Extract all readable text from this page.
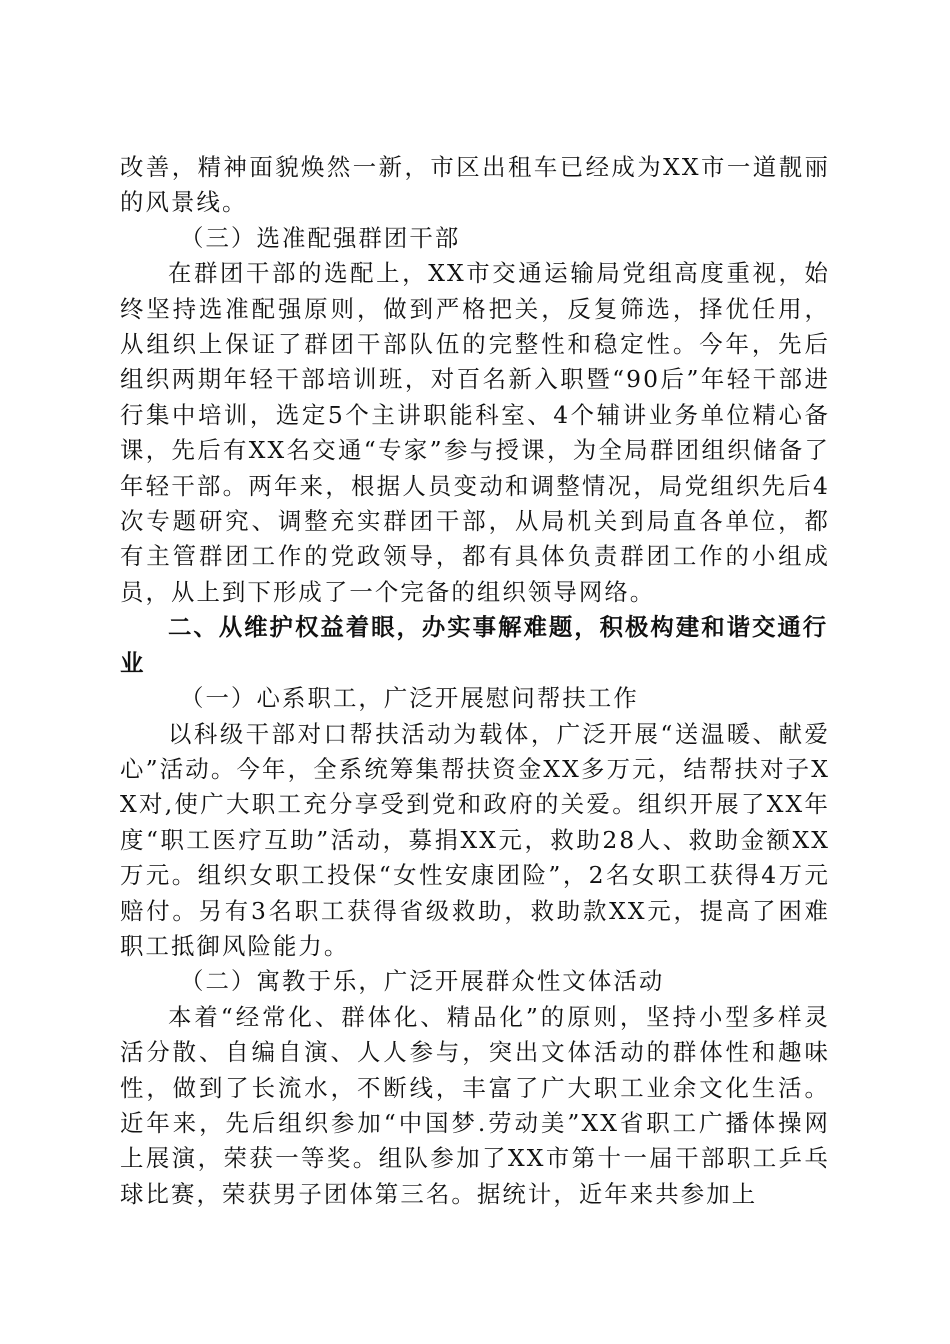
改善，精神面貌焕然一新，市区出租车已经成为XX市一道靓丽的风景线。

（三）选准配强群团干部

在群团干部的选配上，XX市交通运输局党组高度重视，始终坚持选准配强原则，做到严格把关，反复筛选，择优任用，从组织上保证了群团干部队伍的完整性和稳定性。今年，先后组织两期年轻干部培训班，对百名新入职暨“90后”年轻干部进行集中培训，选定5个主讲职能科室、4个辅讲业务单位精心备课，先后有XX名交通“专家”参与授课，为全局群团组织储备了年轻干部。两年来，根据人员变动和调整情况，局党组织先后4次专题研究、调整充实群团干部，从局机关到局直各单位，都有主管群团工作的党政领导，都有具体负责群团工作的小组成员，从上到下形成了一个完备的组织领导网络。

二、从维护权益着眼，办实事解难题，积极构建和谐交通行业

（一）心系职工，广泛开展慰问帮扶工作

以科级干部对口帮扶活动为载体，广泛开展“送温暖、献爱心”活动。今年，全系统筹集帮扶资金XX多万元，结帮扶对子XX对,使广大职工充分享受到党和政府的关爱。组织开展了XX年度“职工医疗互助”活动，募捐XX元，救助28人、救助金额XX万元。组织女职工投保“女性安康团险”，2名女职工获得4万元赔付。另有3名职工获得省级救助，救助款XX元，提高了困难职工抵御风险能力。

（二）寓教于乐，广泛开展群众性文体活动

本着“经常化、群体化、精品化”的原则，坚持小型多样灵活分散、自编自演、人人参与，突出文体活动的群体性和趣味性，做到了长流水，不断线，丰富了广大职工业余文化生活。近年来，先后组织参加“中国梦.劳动美”XX省职工广播体操网上展演，荣获一等奖。组队参加了XX市第十一届干部职工乒乓球比赛，荣获男子团体第三名。据统计，近年来共参加上
